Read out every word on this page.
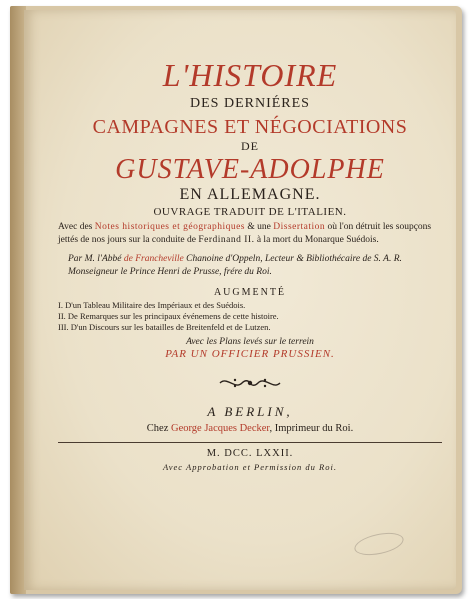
L'HISTOIRE

DES DERNIÉRES

CAMPAGNES ET NÉGOCIATIONS

DE

GUSTAVE-ADOLPHE

EN ALLEMAGNE.

OUVRAGE TRADUIT DE L'ITALIEN.

Avec des Notes historiques et géographiques & une Dissertation où l'on détruit les soupçons jettés de nos jours sur la conduite de Ferdinand II. à la mort du Monarque Suédois.

Par M. l'Abbé de Francheville Chanoine d'Oppeln, Lecteur & Bibliothécaire de S. A. R. Monseigneur le Prince Henri de Prusse, frére du Roi.

AUGMENTÉ

I. D'un Tableau Militaire des Impériaux et des Suédois.
II. De Remarques sur les principaux événemens de cette histoire.
III. D'un Discours sur les batailles de Breitenfeld et de Lutzen.

Avec les Plans levés sur le terrein

PAR UN OFFICIER PRUSSIEN.

A BERLIN,

Chez George Jacques Decker, Imprimeur du Roi.

M. DCC. LXXII.

Avec Approbation et Permission du Roi.
